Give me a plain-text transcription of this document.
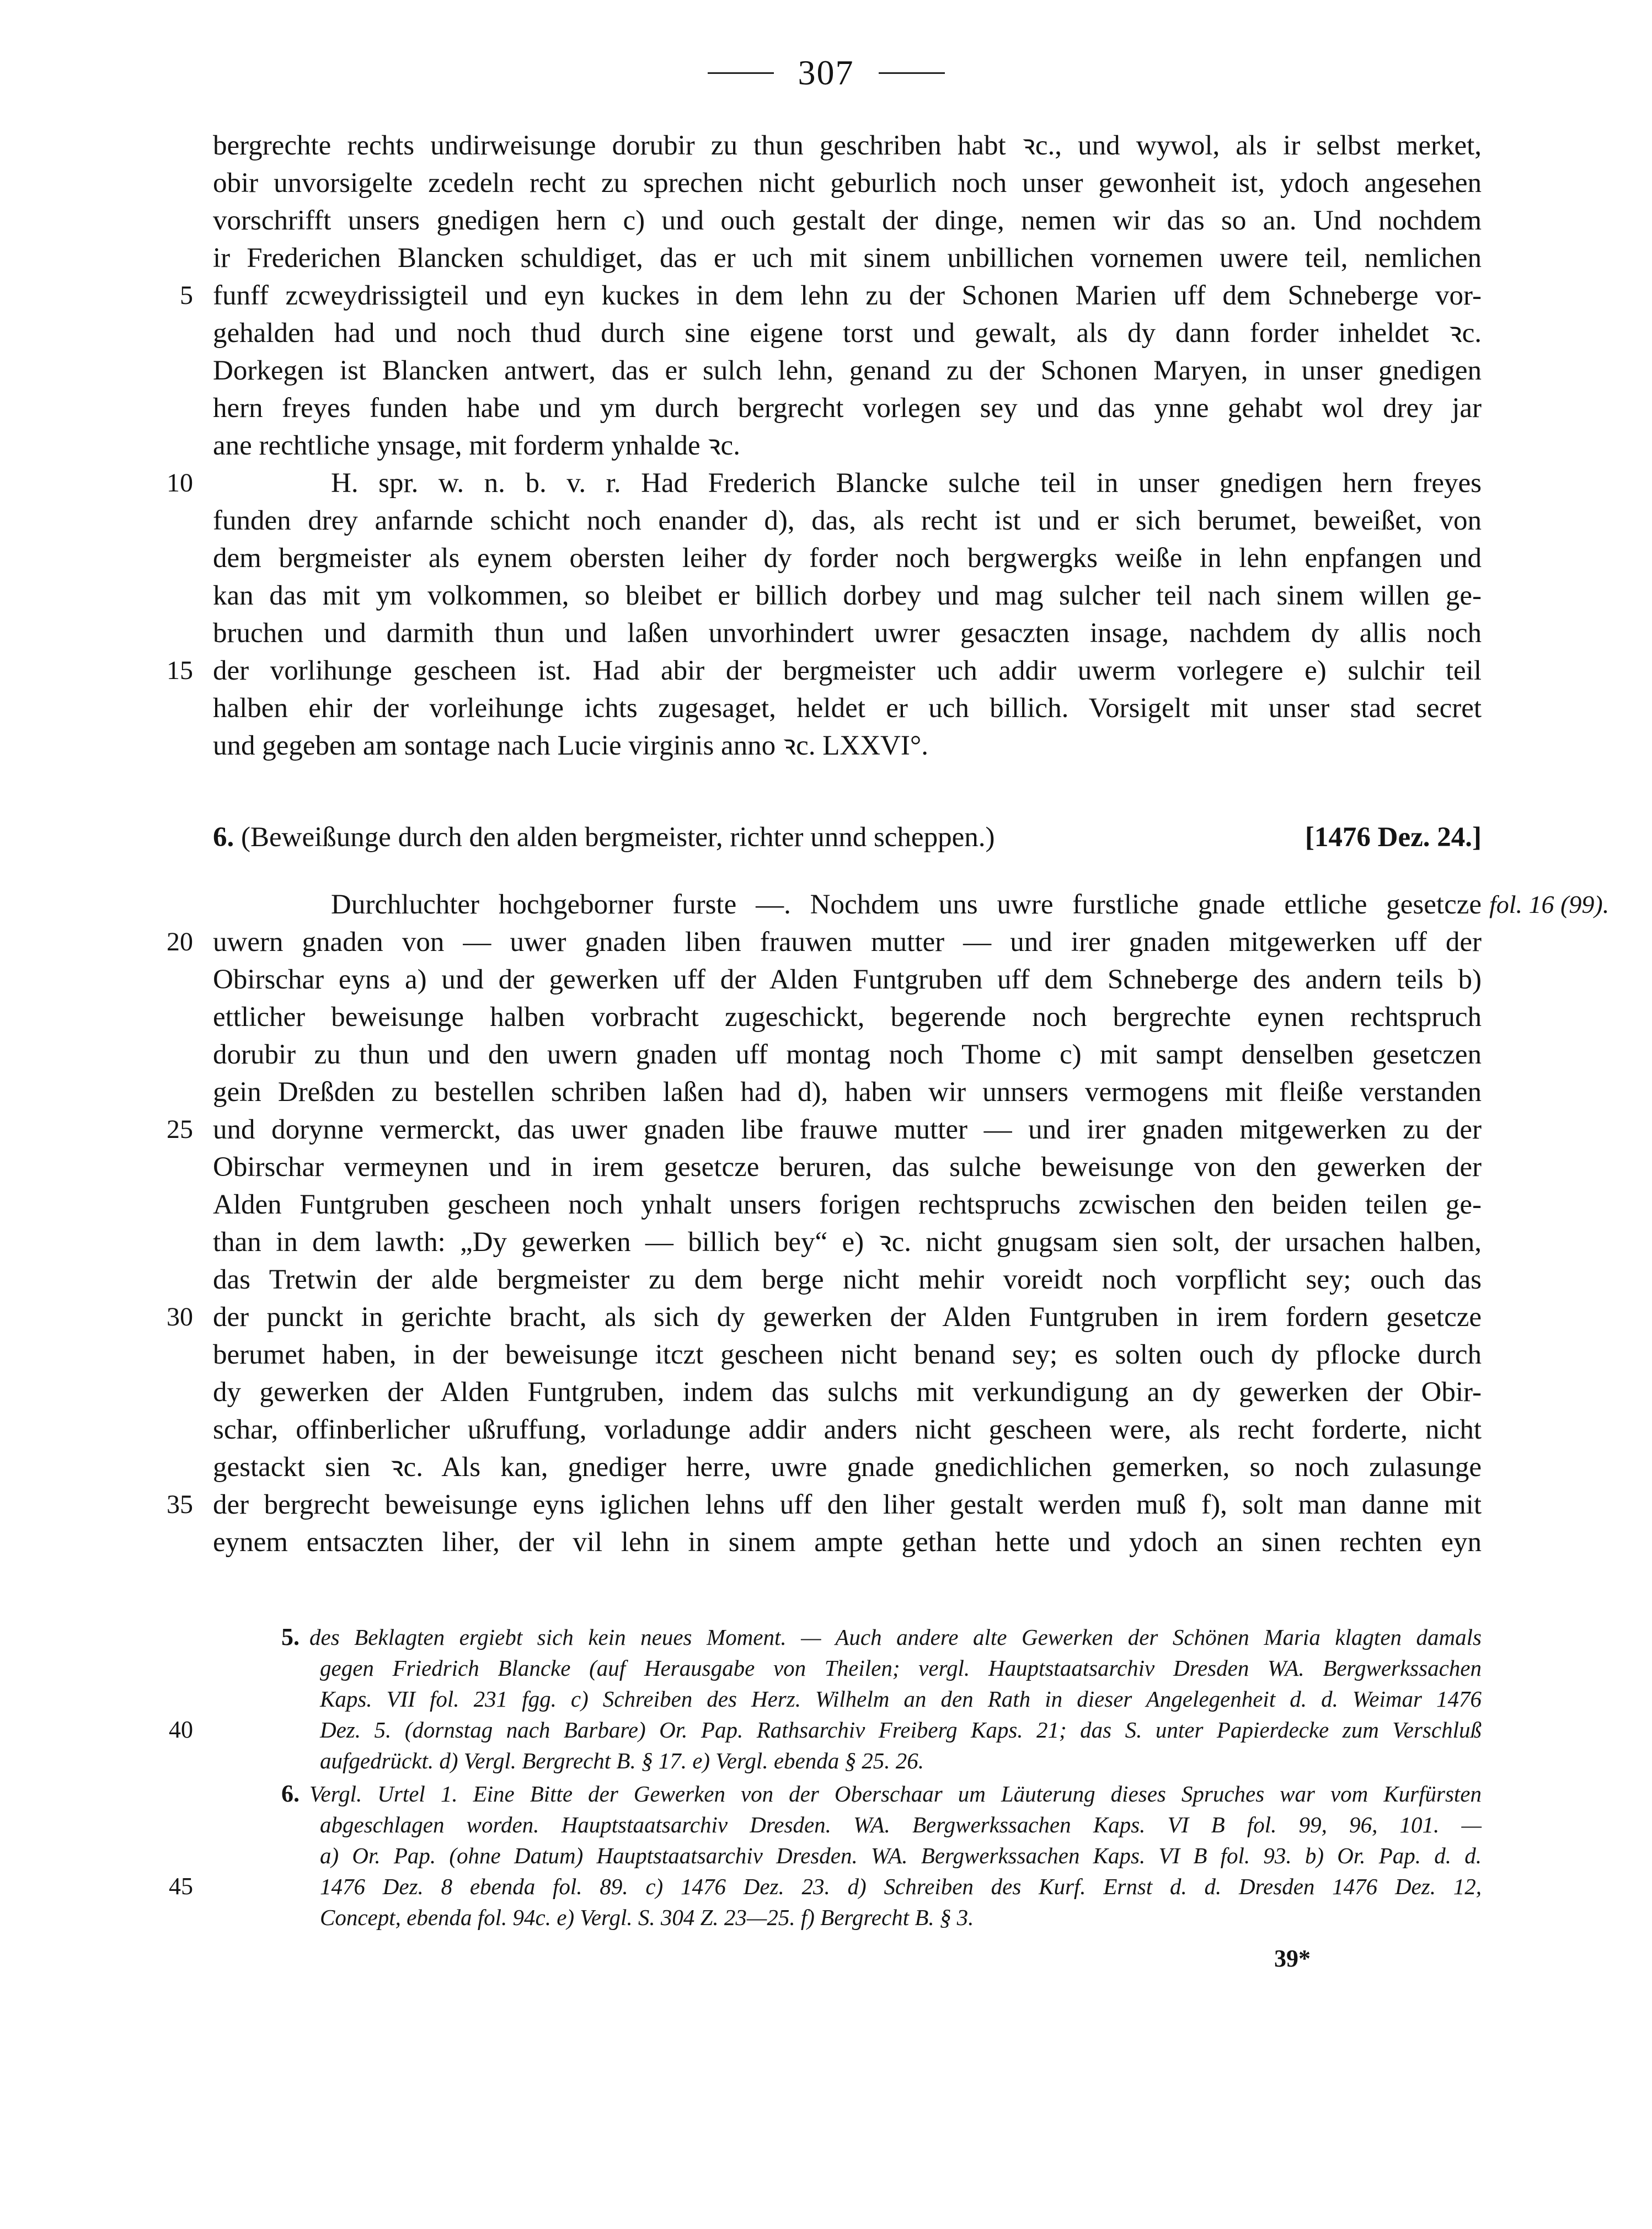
307
bergrechte rechts undirweisunge dorubir zu thun geschriben habt ꝛc., und wywol, als ir selbst merket,
obir unvorsigelte zcedeln recht zu sprechen nicht geburlich noch unser gewonheit ist, ydoch angesehen
vorschrifft unsers gnedigen hern c) und ouch gestalt der dinge, nemen wir das so an. Und nochdem
ir Frederichen Blancken schuldiget, das er uch mit sinem unbillichen vornemen uwere teil, nemlichen
5 funff zcweydrissigteil und eyn kuckes in dem lehn zu der Schonen Marien uff dem Schneberge vor-
gehalden had und noch thud durch sine eigene torst und gewalt, als dy dann forder inheldet ꝛc.
Dorkegen ist Blancken antwert, das er sulch lehn, genand zu der Schonen Maryen, in unser gnedigen
hern freyes funden habe und ym durch bergrecht vorlegen sey und das ynne gehabt wol drey jar
ane rechtliche ynsage, mit forderm ynhalde ꝛc.
10	H. spr. w. n. b. v. r. Had Frederich Blancke sulche teil in unser gnedigen hern freyes
funden drey anfarnde schicht noch enander d), das, als recht ist und er sich berumet, beweißet, von
dem bergmeister als eynem obersten leiher dy forder noch bergwergks weiße in lehn enpfangen und
kan das mit ym volkommen, so bleibet er billich dorbey und mag sulcher teil nach sinem willen ge-
bruchen und darmith thun und laßen unvorhindert uwrer gesaczten insage, nachdem dy allis noch
15 der vorlihunge gescheen ist. Had abir der bergmeister uch addir uwerm vorlegere e) sulchir teil
halben ehir der vorleihunge ichts zugesaget, heldet er uch billich. Vorsigelt mit unser stad secret
und gegeben am sontage nach Lucie virginis anno ꝛc. LXXVI°.
6. (Beweißunge durch den alden bergmeister, richter unnd scheppen.)	[1476 Dez. 24.]
Durchluchter hochgeborner furste —. Nochdem uns uwre furstliche gnade ettliche gesetcze fol. 16 (99).
20 uwern gnaden von — uwer gnaden liben frauwen mutter — und irer gnaden mitgewerken uff der
Obirschar eyns a) und der gewerken uff der Alden Funtgruben uff dem Schneberge des andern teils b)
ettlicher beweisunge halben vorbracht zugeschickt, begerende noch bergrechte eynen rechtspruch
dorubir zu thun und den uwern gnaden uff montag noch Thome c) mit sampt denselben gesetczen
gein Dreßden zu bestellen schriben laßen had d), haben wir unnsers vermogens mit fleiße verstanden
25 und dorynne vermerckt, das uwer gnaden libe frauwe mutter — und irer gnaden mitgewerken zu der
Obirschar vermeynen und in irem gesetcze beruren, das sulche beweisunge von den gewerken der
Alden Funtgruben gescheen noch ynhalt unsers forigen rechtspruchs zcwischen den beiden teilen ge-
than in dem lawth: „Dy gewerken — billich bey“ e) ꝛc. nicht gnugsam sien solt, der ursachen halben,
das Tretwin der alde bergmeister zu dem berge nicht mehir voreidt noch vorpflicht sey; ouch das
30 der punckt in gerichte bracht, als sich dy gewerken der Alden Funtgruben in irem fordern gesetcze
berumet haben, in der beweisunge itczt gescheen nicht benand sey; es solten ouch dy pflocke durch
dy gewerken der Alden Funtgruben, indem das sulchs mit verkundigung an dy gewerken der Obir-
schar, offinberlicher ußruffung, vorladunge addir anders nicht gescheen were, als recht forderte, nicht
gestackt sien ꝛc. Als kan, gnediger herre, uwre gnade gnedichlichen gemerken, so noch zulasunge
35 der bergrecht beweisunge eyns iglichen lehns uff den liher gestalt werden muß f), solt man danne mit
eynem entsaczten liher, der vil lehn in sinem ampte gethan hette und ydoch an sinen rechten eyn
5. des Beklagten ergiebt sich kein neues Moment. — Auch andere alte Gewerken der Schönen Maria klagten damals
gegen Friedrich Blancke (auf Herausgabe von Theilen; vergl. Hauptstaatsarchiv Dresden WA. Bergwerkssachen
Kaps. VII fol. 231 fgg. c) Schreiben des Herz. Wilhelm an den Rath in dieser Angelegenheit d. d. Weimar 1476
40	Dez. 5. (dornstag nach Barbare) Or. Pap. Rathsarchiv Freiberg Kaps. 21; das S. unter Papierdecke zum Verschluß
aufgedrückt. d) Vergl. Bergrecht B. § 17. e) Vergl. ebenda § 25. 26.
6. Vergl. Urtel 1. Eine Bitte der Gewerken von der Oberschaar um Läuterung dieses Spruches war vom Kurfürsten
abgeschlagen worden. Hauptstaatsarchiv Dresden. WA. Bergwerkssachen Kaps. VI B fol. 99, 96, 101. —
a) Or. Pap. (ohne Datum) Hauptstaatsarchiv Dresden. WA. Bergwerkssachen Kaps. VI B fol. 93. b) Or. Pap. d. d.
45	1476 Dez. 8 ebenda fol. 89. c) 1476 Dez. 23. d) Schreiben des Kurf. Ernst d. d. Dresden 1476 Dez. 12,
Concept, ebenda fol. 94c. e) Vergl. S. 304 Z. 23—25. f) Bergrecht B. § 3.
39*
